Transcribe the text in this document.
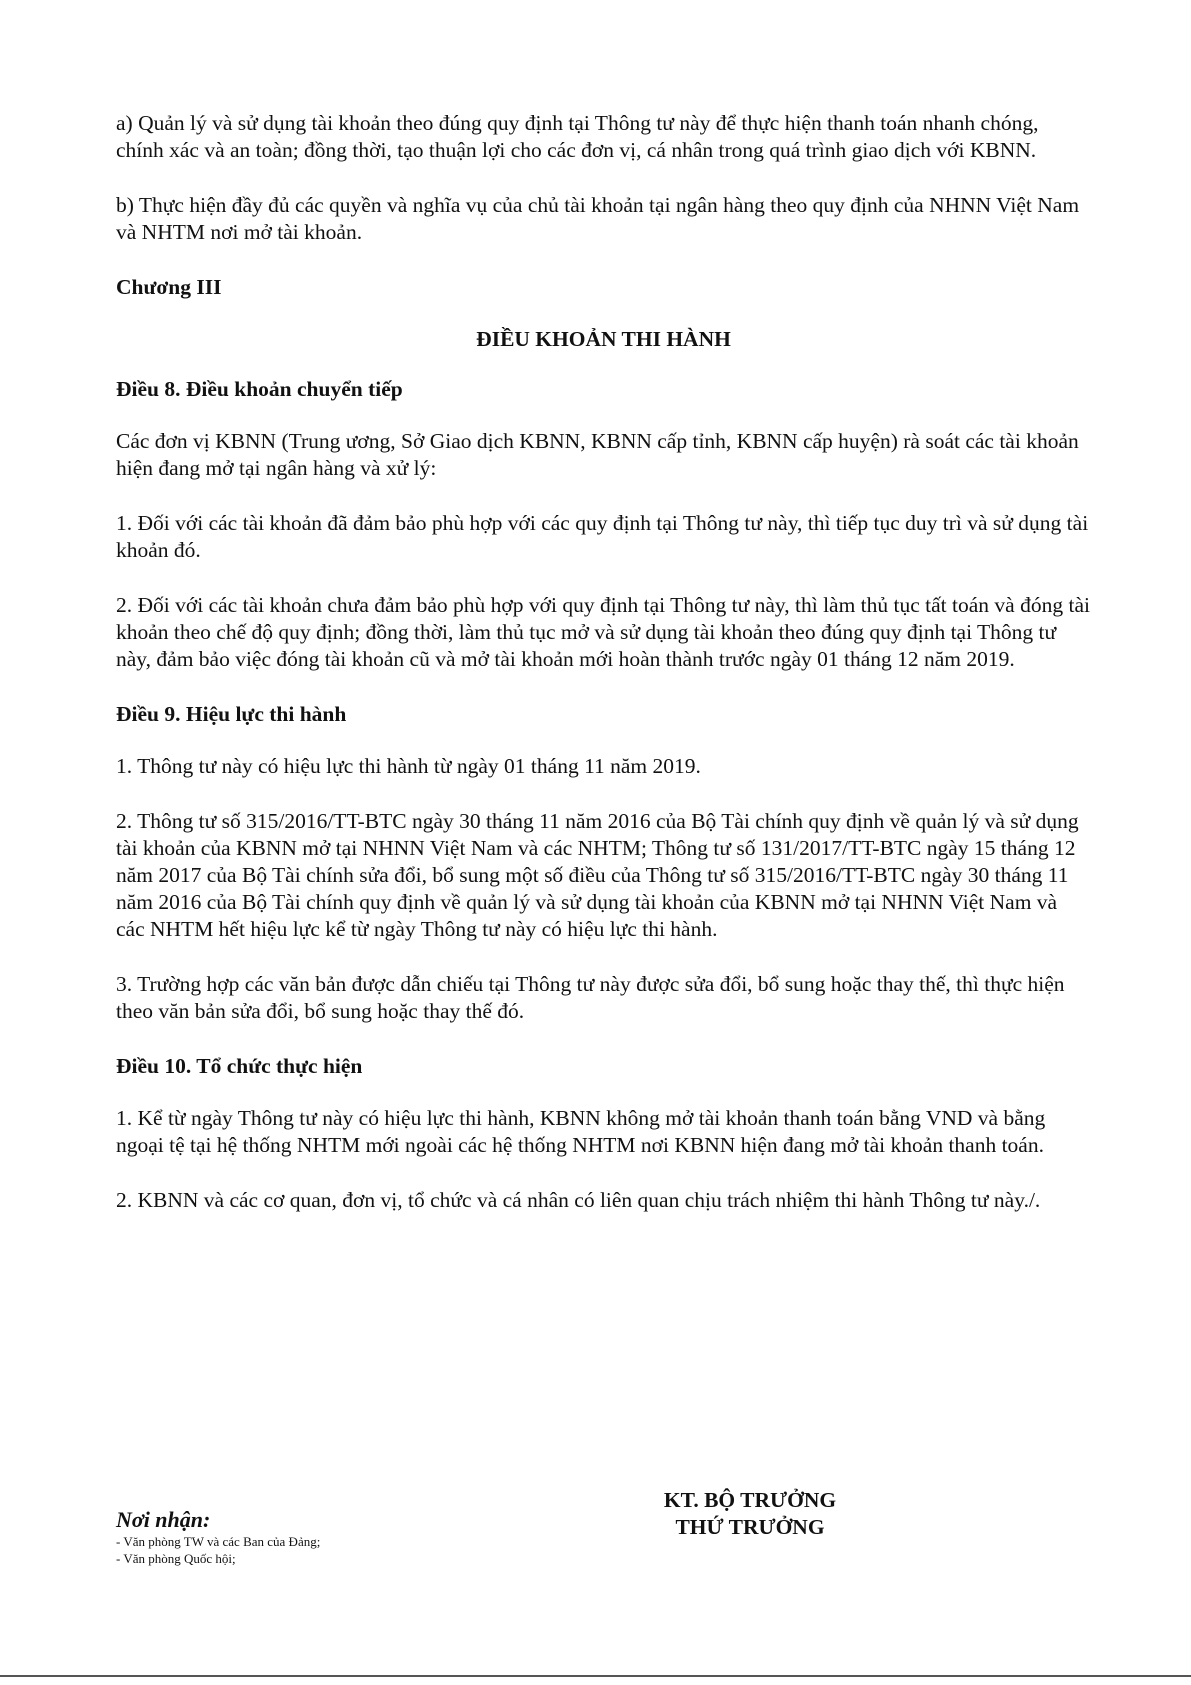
a) Quản lý và sử dụng tài khoản theo đúng quy định tại Thông tư này để thực hiện thanh toán nhanh chóng, chính xác và an toàn; đồng thời, tạo thuận lợi cho các đơn vị, cá nhân trong quá trình giao dịch với KBNN.

b) Thực hiện đầy đủ các quyền và nghĩa vụ của chủ tài khoản tại ngân hàng theo quy định của NHNN Việt Nam và NHTM nơi mở tài khoản.

Chương III

ĐIỀU KHOẢN THI HÀNH

Điều 8. Điều khoản chuyển tiếp

Các đơn vị KBNN (Trung ương, Sở Giao dịch KBNN, KBNN cấp tỉnh, KBNN cấp huyện) rà soát các tài khoản hiện đang mở tại ngân hàng và xử lý:

1. Đối với các tài khoản đã đảm bảo phù hợp với các quy định tại Thông tư này, thì tiếp tục duy trì và sử dụng tài khoản đó.

2. Đối với các tài khoản chưa đảm bảo phù hợp với quy định tại Thông tư này, thì làm thủ tục tất toán và đóng tài khoản theo chế độ quy định; đồng thời, làm thủ tục mở và sử dụng tài khoản theo đúng quy định tại Thông tư này, đảm bảo việc đóng tài khoản cũ và mở tài khoản mới hoàn thành trước ngày 01 tháng 12 năm 2019.

Điều 9. Hiệu lực thi hành

1. Thông tư này có hiệu lực thi hành từ ngày 01 tháng 11 năm 2019.

2. Thông tư số 315/2016/TT-BTC ngày 30 tháng 11 năm 2016 của Bộ Tài chính quy định về quản lý và sử dụng tài khoản của KBNN mở tại NHNN Việt Nam và các NHTM; Thông tư số 131/2017/TT-BTC ngày 15 tháng 12 năm 2017 của Bộ Tài chính sửa đổi, bổ sung một số điều của Thông tư số 315/2016/TT-BTC ngày 30 tháng 11 năm 2016 của Bộ Tài chính quy định về quản lý và sử dụng tài khoản của KBNN mở tại NHNN Việt Nam và các NHTM hết hiệu lực kể từ ngày Thông tư này có hiệu lực thi hành.

3. Trường hợp các văn bản được dẫn chiếu tại Thông tư này được sửa đổi, bổ sung hoặc thay thế, thì thực hiện theo văn bản sửa đổi, bổ sung hoặc thay thế đó.

Điều 10. Tổ chức thực hiện

1. Kể từ ngày Thông tư này có hiệu lực thi hành, KBNN không mở tài khoản thanh toán bằng VND và bằng ngoại tệ tại hệ thống NHTM mới ngoài các hệ thống NHTM nơi KBNN hiện đang mở tài khoản thanh toán.

2. KBNN và các cơ quan, đơn vị, tổ chức và cá nhân có liên quan chịu trách nhiệm thi hành Thông tư này./.

Nơi nhận:
- Văn phòng TW và các Ban của Đảng;
- Văn phòng Quốc hội;
KT. BỘ TRƯỞNG
THỨ TRƯỞNG
